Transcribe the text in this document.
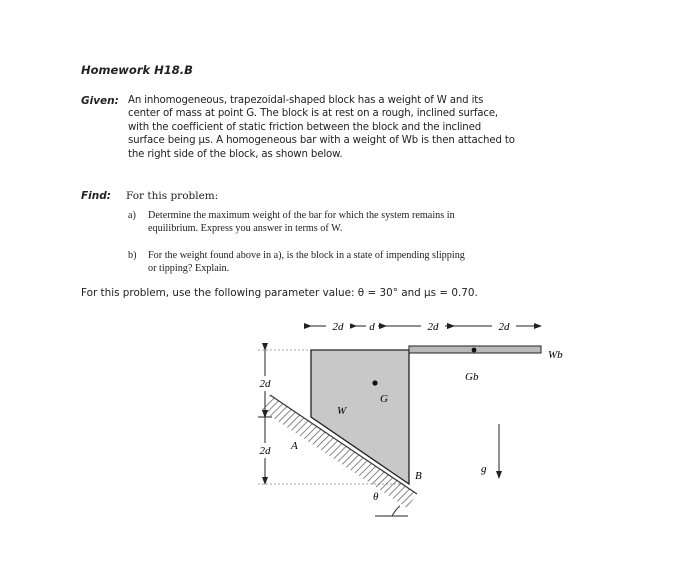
Homework H18.B
Given: An inhomogeneous, trapezoidal-shaped block has a weight of W and its
center of mass at point G. The block is at rest on a rough, inclined surface,
with the coefficient of static friction between the block and the inclined
surface being μs. A homogeneous bar with a weight of Wb is then attached to
the right side of the block, as shown below.
Find: For this problem:
a) Determine the maximum weight of the bar for which the system remains in
equilibrium. Express you answer in terms of W.
b) For the weight found above in a), is the block in a state of impending slipping
or tipping? Explain.
For this problem, use the following parameter value: θ = 30° and μs = 0.70.
2d d	2d	2d
2d
2d
G
W
Gb
Wb
A
B
θ
g
